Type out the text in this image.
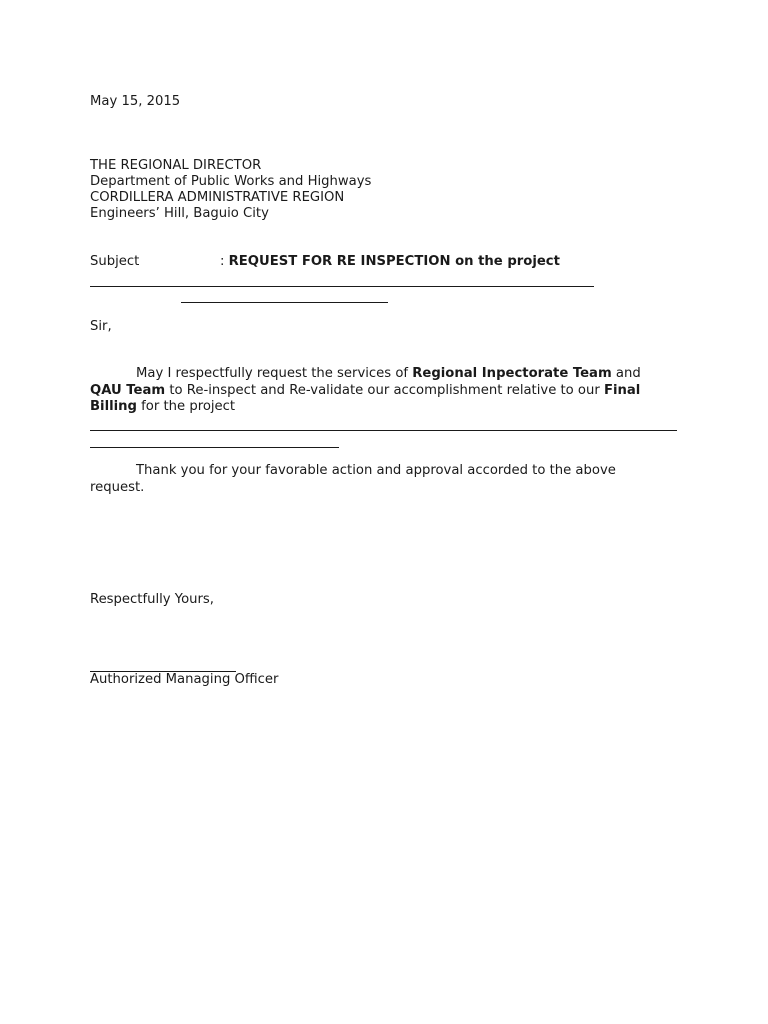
May 15, 2015
THE REGIONAL DIRECTOR
Department of Public Works and Highways
CORDILLERA ADMINISTRATIVE REGION
Engineers’ Hill, Baguio City
Subject	: REQUEST FOR RE INSPECTION on the project
Sir,
May I respectfully request the services of Regional Inpectorate Team and
QAU Team to Re-inspect and Re-validate our accomplishment relative to our Final
Billing for the project
Thank you for your favorable action and approval accorded to the above
request.
Respectfully Yours,
Authorized Managing Officer
